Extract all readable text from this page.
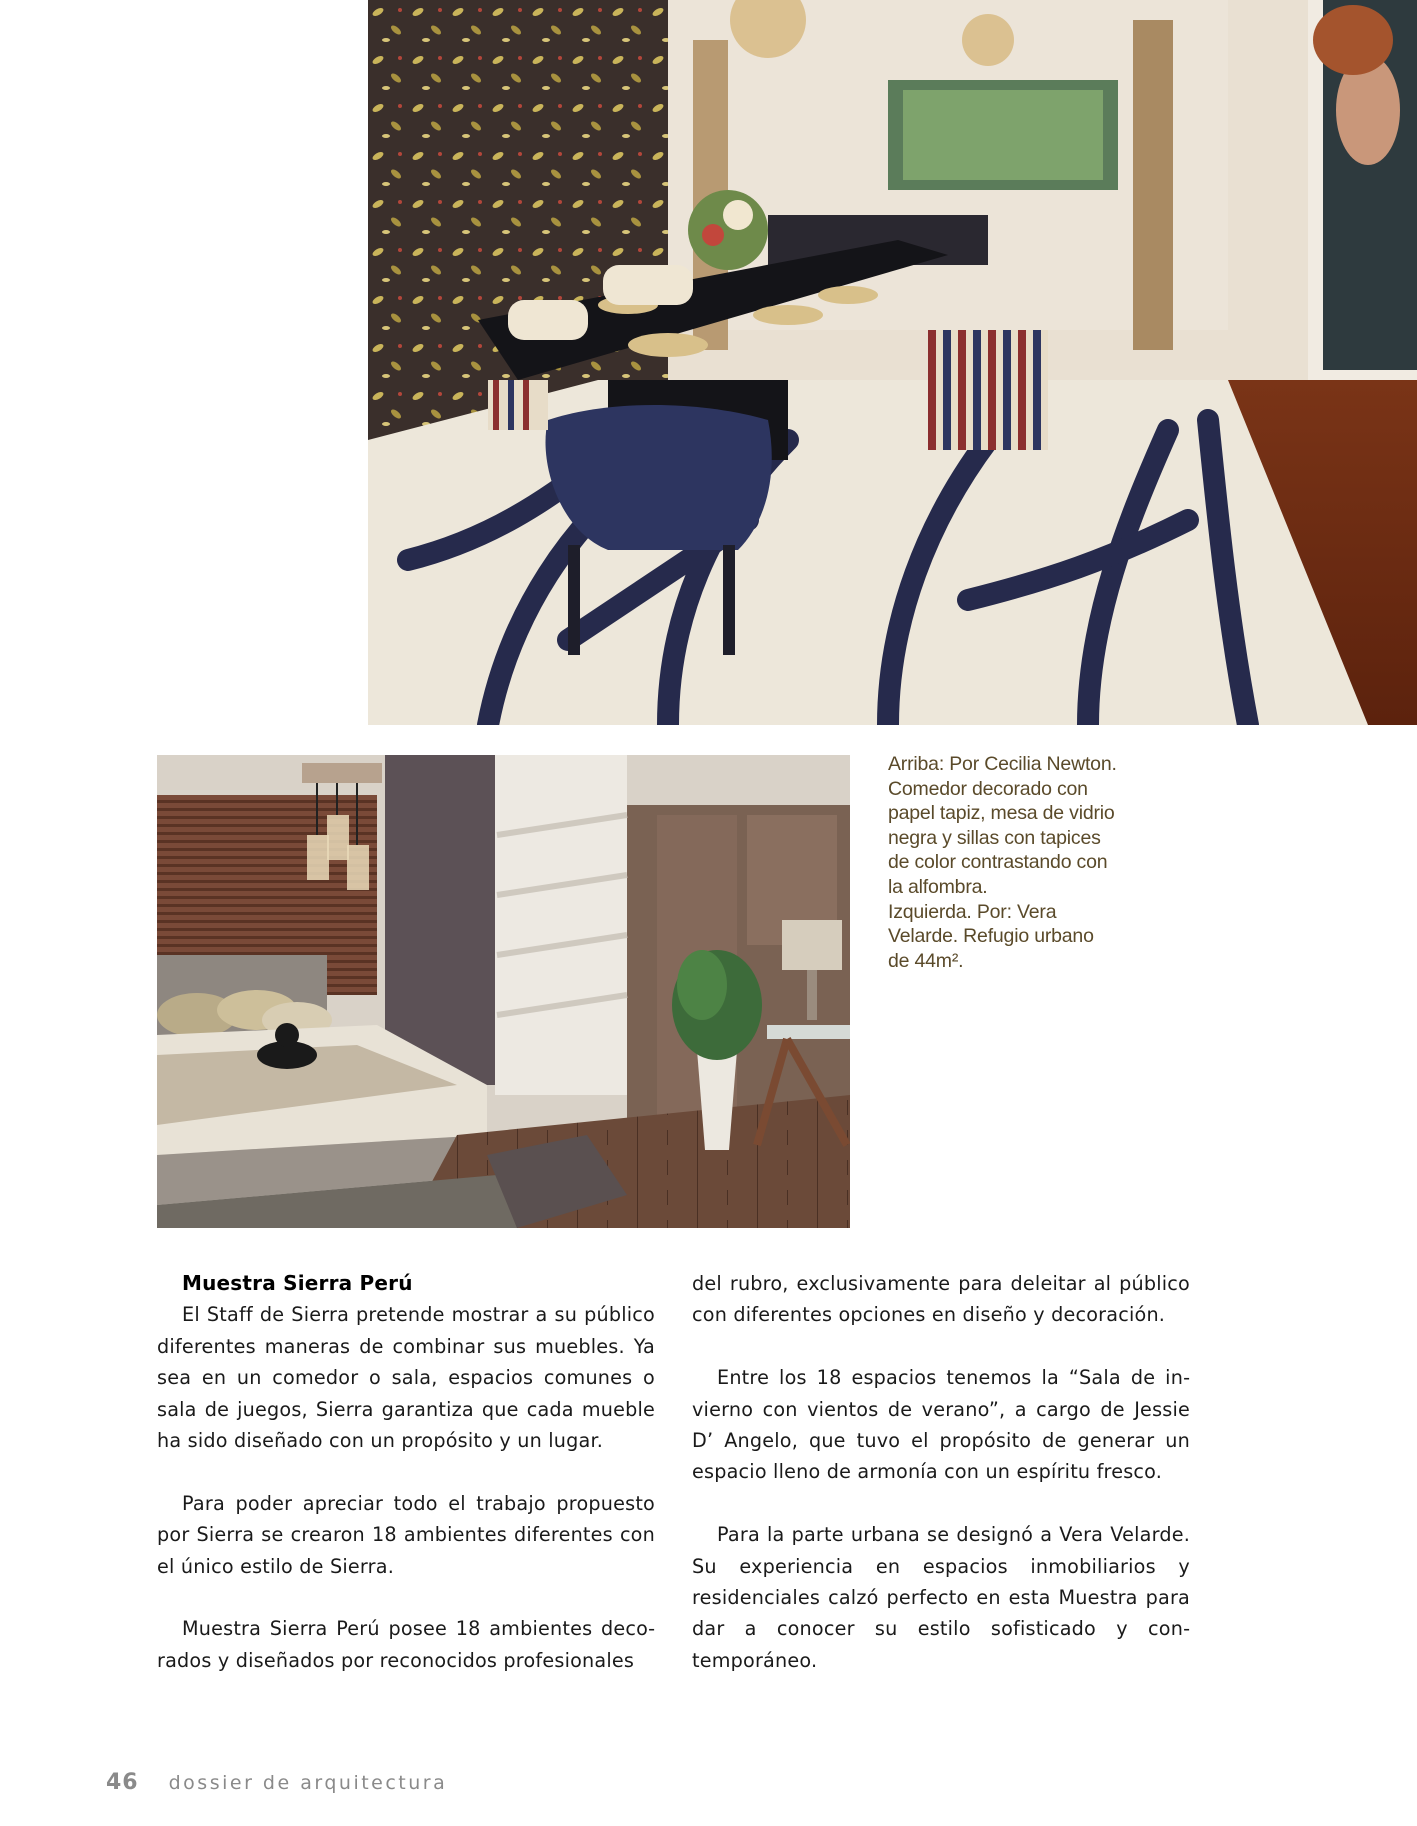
Arriba: Por Cecilia Newton.

Comedor decorado con

papel tapiz, mesa de vidrio

negra y sillas con tapices

de color contrastando con

la alfombra.

Izquierda. Por: Vera

Velarde. Refugio urbano

de 44m².

Muestra Sierra Perú

El Staff de Sierra pretende mostrar a su público diferentes maneras de combinar sus muebles. Ya sea en un comedor o sala, espacios comunes o sala de juegos, Sierra garantiza que cada mueble ha sido diseñado con un propósito y un lugar.

Para poder apreciar todo el trabajo propuesto por Sierra se crearon 18 ambientes diferentes con el único estilo de Sierra.

Muestra Sierra Perú posee 18 ambientes decorados y diseñados por reconocidos profesionales

del rubro, exclusivamente para deleitar al público con diferentes opciones en diseño y decoración.

Entre los 18 espacios tenemos la “Sala de invierno con vientos de verano”, a cargo de Jessie D’ Angelo, que tuvo el propósito de generar un espacio lleno de armonía con un espíritu fresco.

Para la parte urbana se designó a Vera Velarde. Su experiencia en espacios inmobiliarios y residenciales calzó perfecto en esta Muestra para dar a conocer su estilo sofisticado y contemporáneo.

46 dossier de arquitectura
